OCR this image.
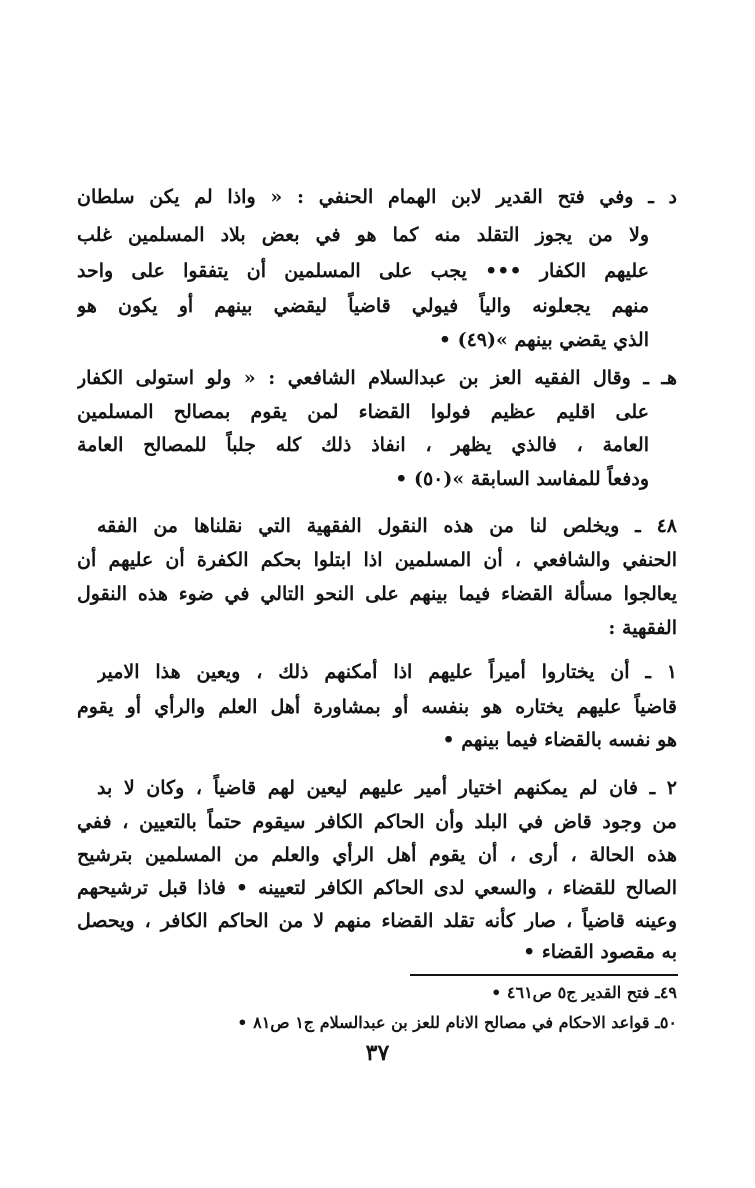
د ـ وفي فتح القدير لابن الهمام الحنفي : « واذا لم يكن سلطان
ولا من يجوز التقلد منه كما هو في بعض بلاد المسلمين غلب
عليهم الكفار ••• يجب على المسلمين أن يتفقوا على واحد
منهم يجعلونه والياً فيولي قاضياً ليقضي بينهم أو يكون هو
الذي يقضي بينهم »(٤٩) •
هـ ـ وقال الفقيه العز بن عبدالسلام الشافعي : « ولو استولى الكفار
على اقليم عظيم فولوا القضاء لمن يقوم بمصالح المسلمين
العامة ، فالذي يظهر ، انفاذ ذلك كله جلباً للمصالح العامة
ودفعاً للمفاسد السابقة »(٥٠) •
٤٨ ـ ويخلص لنا من هذه النقول الفقهية التي نقلناها من الفقه
الحنفي والشافعي ، أن المسلمين اذا ابتلوا بحكم الكفرة أن عليهم أن
يعالجوا مسألة القضاء فيما بينهم على النحو التالي في ضوء هذه النقول
الفقهية :
١ ـ أن يختاروا أميراً عليهم اذا أمكنهم ذلك ، ويعين هذا الامير
قاضياً عليهم يختاره هو بنفسه أو بمشاورة أهل العلم والرأي أو يقوم
هو نفسه بالقضاء فيما بينهم •
٢ ـ فان لم يمكنهم اختيار أمير عليهم ليعين لهم قاضياً ، وكان لا بد
من وجود قاض في البلد وأن الحاكم الكافر سيقوم حتماً بالتعيين ، ففي
هذه الحالة ، أرى ، أن يقوم أهل الرأي والعلم من المسلمين بترشيح
الصالح للقضاء ، والسعي لدى الحاكم الكافر لتعيينه • فاذا قبل ترشيحهم
وعينه قاضياً ، صار كأنه تقلد القضاء منهم لا من الحاكم الكافر ، ويحصل
به مقصود القضاء •
٤٩ـ فتح القدير ج٥ ص٤٦١ •
٥٠ـ قواعد الاحكام في مصالح الانام للعز بن عبدالسلام ج١ ص٨١ •
٣٧
